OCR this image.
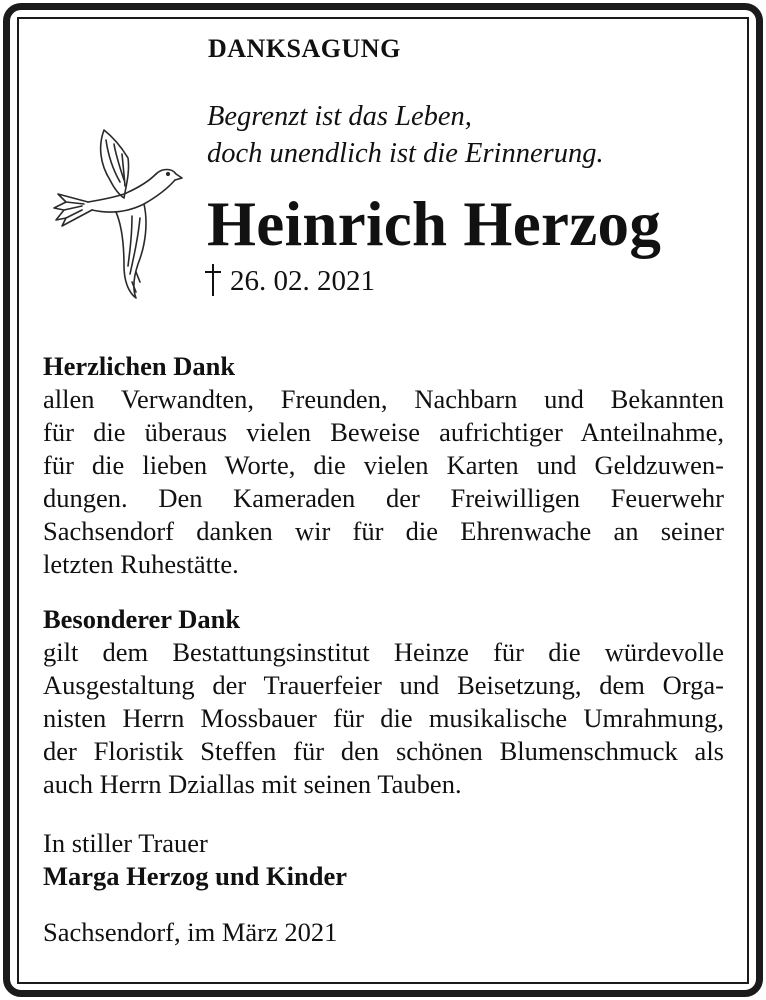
DANKSAGUNG

Begrenzt ist das Leben,
doch unendlich ist die Erinnerung.

Heinrich Herzog
26. 02. 2021
Herzlichen Dank
allen Verwandten, Freunden, Nachbarn und Bekannten
für die überaus vielen Beweise aufrichtiger Anteilnahme,
für die lieben Worte, die vielen Karten und Geldzuwen-
dungen. Den Kameraden der Freiwilligen Feuerwehr
Sachsendorf danken wir für die Ehrenwache an seiner
letzten Ruhestätte.
Besonderer Dank
gilt dem Bestattungsinstitut Heinze für die würdevolle
Ausgestaltung der Trauerfeier und Beisetzung, dem Orga-
nisten Herrn Mossbauer für die musikalische Umrahmung,
der Floristik Steffen für den schönen Blumenschmuck als
auch Herrn Dziallas mit seinen Tauben.
In stiller Trauer
Marga Herzog und Kinder
Sachsendorf, im März 2021
